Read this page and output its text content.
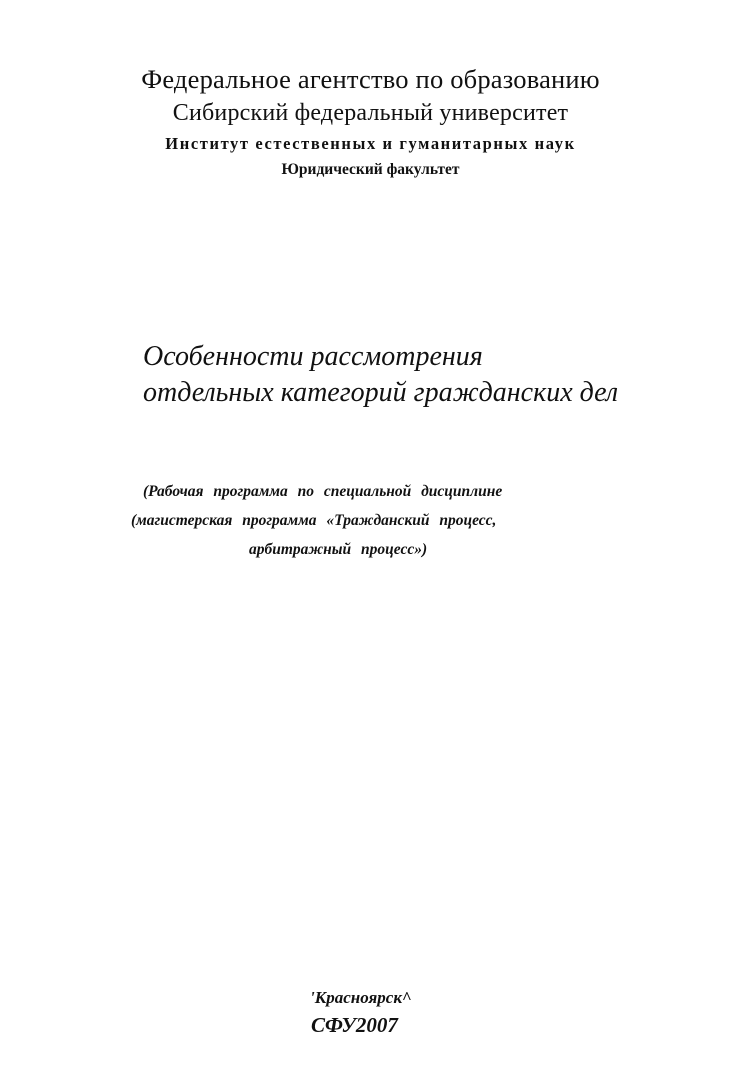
Федеральное агентство по образованию
Сибирский федеральный университет
Институт естественных и гуманитарных наук
Юридический факультет
Особенности рассмотрения
отдельных категорий гражданских дел
(Рабочая программа по специальной дисциплине
(магистерская программа «Тражданский процесс,
арбитражный процесс»)
'Красноярск^
СФУ2007
